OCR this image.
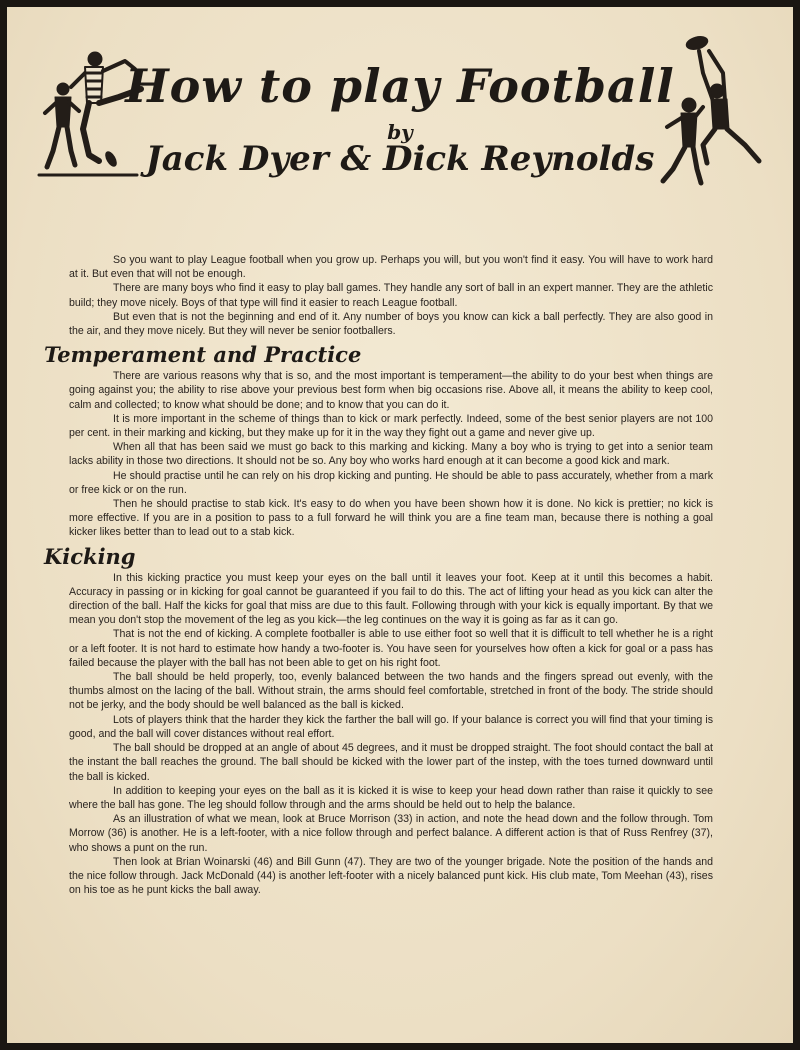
How to play Football
by
Jack Dyer & Dick Reynolds

So you want to play League football when you grow up. Perhaps you will, but you won't find it easy. You will have to work hard at it. But even that will not be enough.

There are many boys who find it easy to play ball games. They handle any sort of ball in an expert manner. They are the athletic build; they move nicely. Boys of that type will find it easier to reach League football.

But even that is not the beginning and end of it. Any number of boys you know can kick a ball perfectly. They are also good in the air, and they move nicely. But they will never be senior footballers.

Temperament and Practice

There are various reasons why that is so, and the most important is temperament—the ability to do your best when things are going against you; the ability to rise above your previous best form when big occasions rise. Above all, it means the ability to keep cool, calm and collected; to know what should be done; and to know that you can do it.

It is more important in the scheme of things than to kick or mark perfectly. Indeed, some of the best senior players are not 100 per cent. in their marking and kicking, but they make up for it in the way they fight out a game and never give up.

When all that has been said we must go back to this marking and kicking. Many a boy who is trying to get into a senior team lacks ability in those two directions. It should not be so. Any boy who works hard enough at it can become a good kick and mark.

He should practise until he can rely on his drop kicking and punting. He should be able to pass accurately, whether from a mark or free kick or on the run.

Then he should practise to stab kick. It's easy to do when you have been shown how it is done. No kick is prettier; no kick is more effective. If you are in a position to pass to a full forward he will think you are a fine team man, because there is nothing a goal kicker likes better than to lead out to a stab kick.

Kicking

In this kicking practice you must keep your eyes on the ball until it leaves your foot. Keep at it until this becomes a habit. Accuracy in passing or in kicking for goal cannot be guaranteed if you fail to do this. The act of lifting your head as you kick can alter the direction of the ball. Half the kicks for goal that miss are due to this fault. Following through with your kick is equally important. By that we mean you don't stop the movement of the leg as you kick—the leg continues on the way it is going as far as it can go.

That is not the end of kicking. A complete footballer is able to use either foot so well that it is difficult to tell whether he is a right or a left footer. It is not hard to estimate how handy a two-footer is. You have seen for yourselves how often a kick for goal or a pass has failed because the player with the ball has not been able to get on his right foot.

The ball should be held properly, too, evenly balanced between the two hands and the fingers spread out evenly, with the thumbs almost on the lacing of the ball. Without strain, the arms should feel comfortable, stretched in front of the body. The stride should not be jerky, and the body should be well balanced as the ball is kicked.

Lots of players think that the harder they kick the farther the ball will go. If your balance is correct you will find that your timing is good, and the ball will cover distances without real effort.

The ball should be dropped at an angle of about 45 degrees, and it must be dropped straight. The foot should contact the ball at the instant the ball reaches the ground. The ball should be kicked with the lower part of the instep, with the toes turned downward until the ball is kicked.

In addition to keeping your eyes on the ball as it is kicked it is wise to keep your head down rather than raise it quickly to see where the ball has gone. The leg should follow through and the arms should be held out to help the balance.

As an illustration of what we mean, look at Bruce Morrison (33) in action, and note the head down and the follow through. Tom Morrow (36) is another. He is a left-footer, with a nice follow through and perfect balance. A different action is that of Russ Renfrey (37), who shows a punt on the run.

Then look at Brian Woinarski (46) and Bill Gunn (47). They are two of the younger brigade. Note the position of the hands and the nice follow through. Jack McDonald (44) is another left-footer with a nicely balanced punt kick. His club mate, Tom Meehan (43), rises on his toe as he punt kicks the ball away.
